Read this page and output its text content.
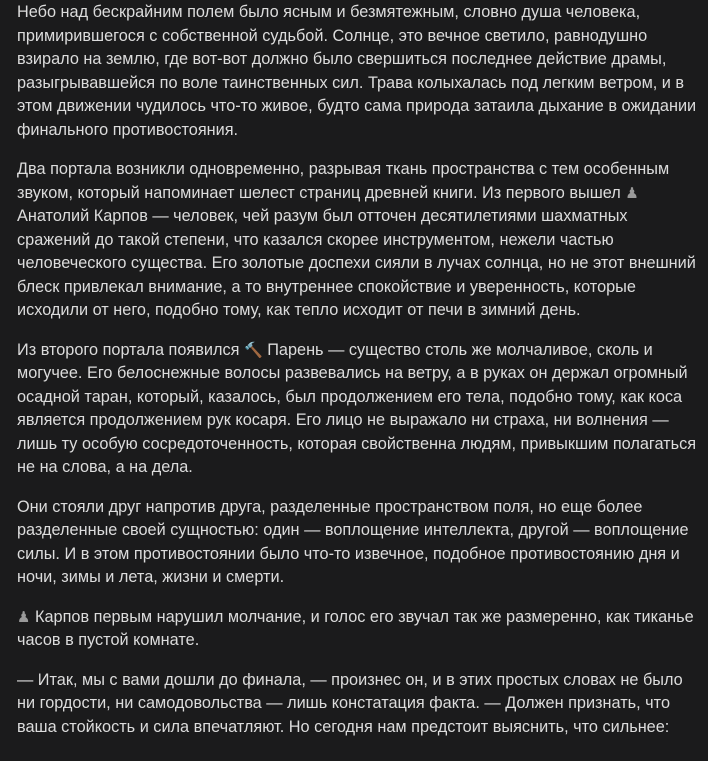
Небо над бескрайним полем было ясным и безмятежным, словно душа человека, примирившегося с собственной судьбой. Солнце, это вечное светило, равнодушно взирало на землю, где вот-вот должно было свершиться последнее действие драмы, разыгрывавшейся по воле таинственных сил. Трава колыхалась под легким ветром, и в этом движении чудилось что-то живое, будто сама природа затаила дыхание в ожидании финального противостояния.

Два портала возникли одновременно, разрывая ткань пространства с тем особенным звуком, который напоминает шелест страниц древней книги. Из первого вышел ♟ Анатолий Карпов — человек, чей разум был отточен десятилетиями шахматных сражений до такой степени, что казался скорее инструментом, нежели частью человеческого существа. Его золотые доспехи сияли в лучах солнца, но не этот внешний блеск привлекал внимание, а то внутреннее спокойствие и уверенность, которые исходили от него, подобно тому, как тепло исходит от печи в зимний день.

Из второго портала появился 🔨 Парень — существо столь же молчаливое, сколь и могучее. Его белоснежные волосы развевались на ветру, а в руках он держал огромный осадной таран, который, казалось, был продолжением его тела, подобно тому, как коса является продолжением рук косаря. Его лицо не выражало ни страха, ни волнения — лишь ту особую сосредоточенность, которая свойственна людям, привыкшим полагаться не на слова, а на дела.

Они стояли друг напротив друга, разделенные пространством поля, но еще более разделенные своей сущностью: один — воплощение интеллекта, другой — воплощение силы. И в этом противостоянии было что-то извечное, подобное противостоянию дня и ночи, зимы и лета, жизни и смерти.

♟ Карпов первым нарушил молчание, и голос его звучал так же размеренно, как тиканье часов в пустой комнате.

— Итак, мы с вами дошли до финала, — произнес он, и в этих простых словах не было ни гордости, ни самодовольства — лишь констатация факта. — Должен признать, что ваша стойкость и сила впечатляют. Но сегодня нам предстоит выяснить, что сильнее:
